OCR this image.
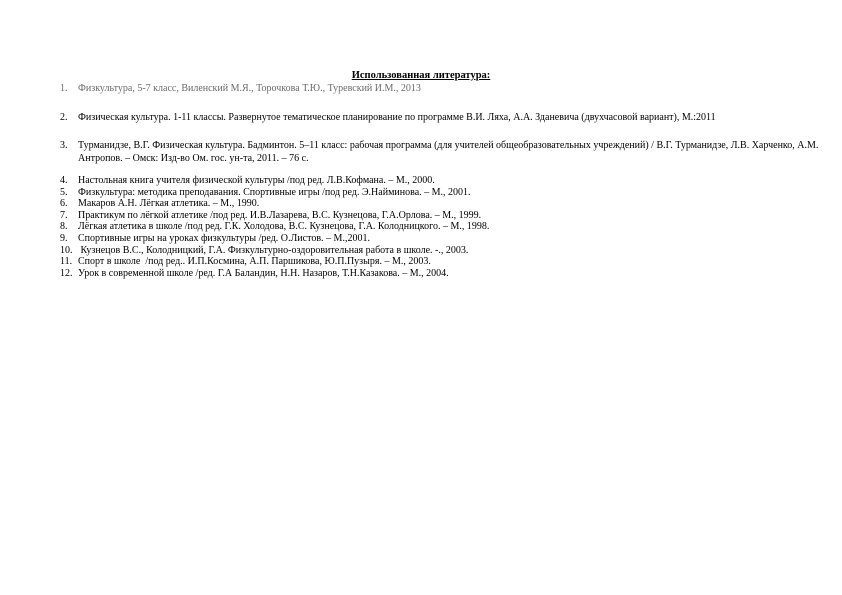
Использованная литература:
1.	Физкультура, 5-7 класс, Виленский М.Я., Торочкова Т.Ю., Туревский И.М., 2013
2.	Физическая культура. 1-11 классы. Развернутое тематическое планирование по программе В.И. Ляха, А.А. Зданевича (двухчасовой вариант), М.:2011
3.	Турманидзе, В.Г. Физическая культура. Бадминтон. 5–11 класс: рабочая программа (для учителей общеобразовательных учреждений) / В.Г. Турманидзе, Л.В. Харченко, А.М. Антропов. – Омск: Изд-во Ом. гос. ун-та, 2011. – 76 с.
4.	Настольная книга учителя физической культуры /под ред. Л.В.Кофмана. – М., 2000.
5.	Физкультура: методика преподавания. Спортивные игры /под ред. Э.Найминова. – М., 2001.
6.	Макаров А.Н. Лёгкая атлетика. – М., 1990.
7.	Практикум по лёгкой атлетике /под ред. И.В.Лазарева, В.С. Кузнецова, Г.А.Орлова. – М., 1999.
8.	Лёгкая атлетика в школе /под ред. Г.К. Холодова, В.С. Кузнецова, Г.А. Колодницкого. – М., 1998.
9.	Спортивные игры на уроках физкультуры /ред. О.Листов. – М.,2001.
10. Кузнецов В.С., Колодницкий, Г.А. Физкультурно-оздоровительная работа в школе. -., 2003.
11. Спорт в школе  /под ред.. И.П.Космина, А.П. Паршикова, Ю.П.Пузыря. – М., 2003.
12. Урок в современной школе /ред. Г.А Баландин, Н.Н. Назаров, Т.Н.Казакова. – М., 2004.
